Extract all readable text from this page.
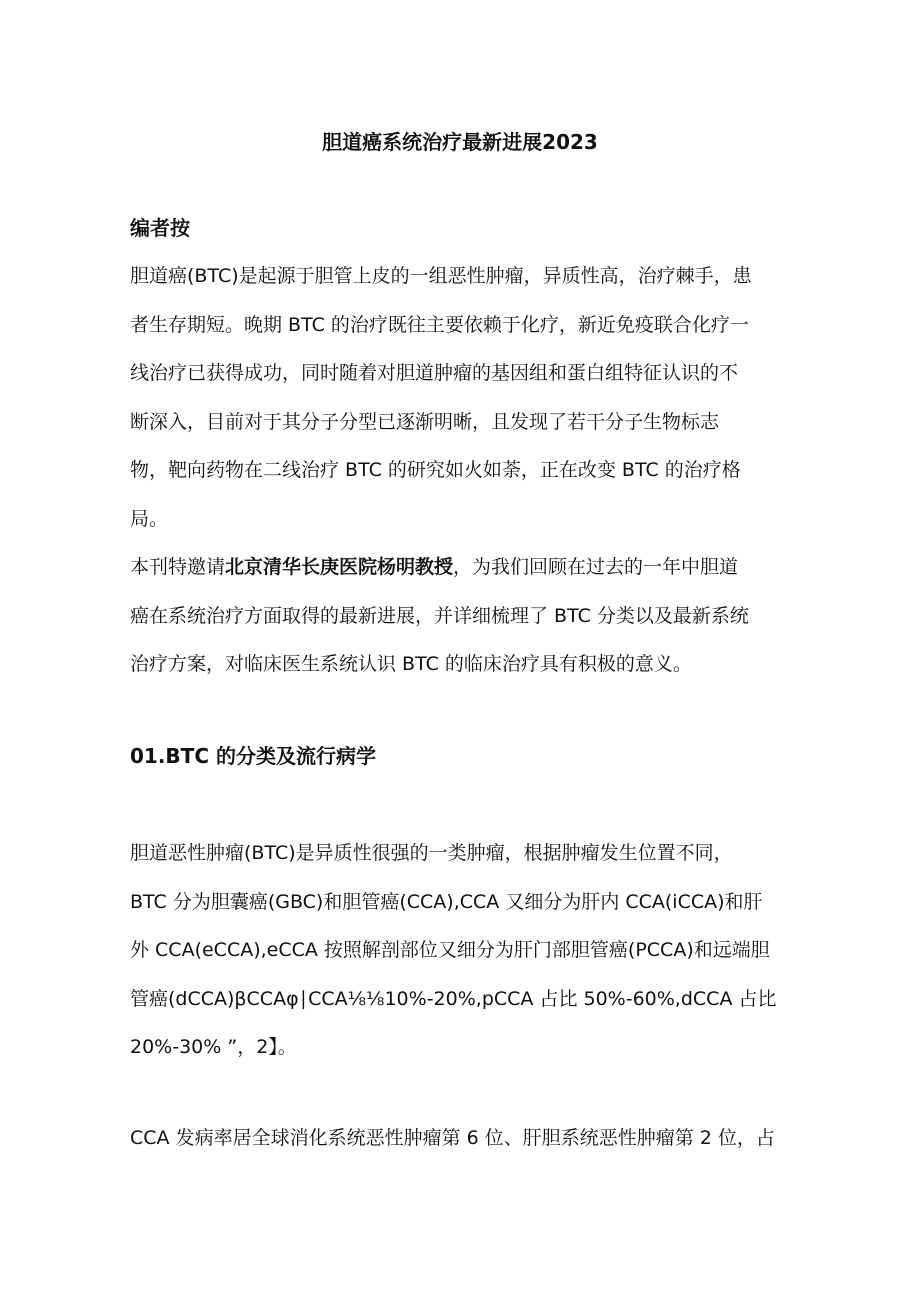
胆道癌系统治疗最新进展2023
编者按
胆道癌(BTC)是起源于胆管上皮的一组恶性肿瘤，异质性高，治疗棘手，患
者生存期短。晚期 BTC 的治疗既往主要依赖于化疗，新近免疫联合化疗一
线治疗已获得成功，同时随着对胆道肿瘤的基因组和蛋白组特征认识的不
断深入，目前对于其分子分型已逐渐明晰，且发现了若干分子生物标志
物，靶向药物在二线治疗 BTC 的研究如火如荼，正在改变 BTC 的治疗格
局。
本刊特邀请北京清华长庚医院杨明教授，为我们回顾在过去的一年中胆道
癌在系统治疗方面取得的最新进展，并详细梳理了 BTC 分类以及最新系统
治疗方案，对临床医生系统认识 BTC 的临床治疗具有积极的意义。
01.BTC 的分类及流行病学
胆道恶性肿瘤(BTC)是异质性很强的一类肿瘤，根据肿瘤发生位置不同，
BTC 分为胆囊癌(GBC)和胆管癌(CCA),CCA 又细分为肝内 CCA(iCCA)和肝
外 CCA(eCCA),eCCA 按照解剖部位又细分为肝门部胆管癌(PCCA)和远端胆
管癌(dCCA)βCCAφ∣CCA⅛⅛10%-20%,pCCA 占比 50%-60%,dCCA 占比
20%-30% ”，2】。
CCA 发病率居全球消化系统恶性肿瘤第 6 位、肝胆系统恶性肿瘤第 2 位，占
